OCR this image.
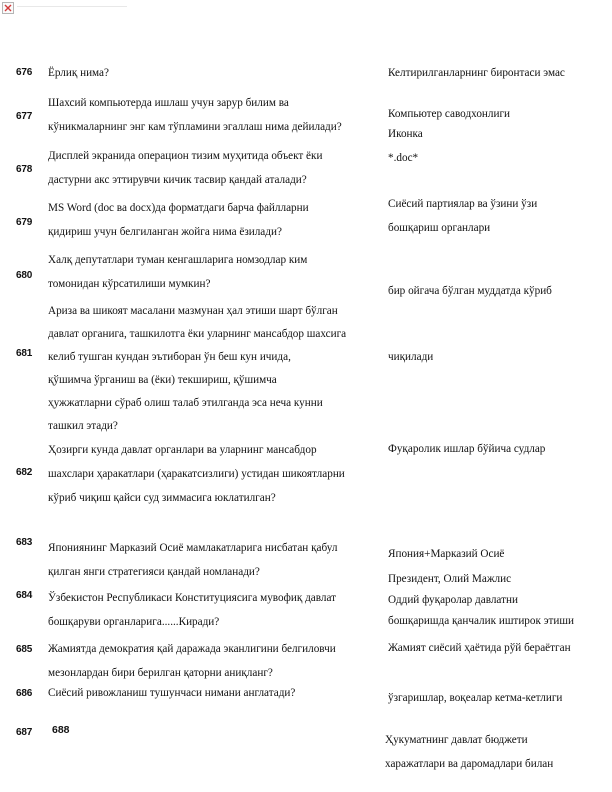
676 Ёрлиқ нима?	Келтирилганларнинг биронтаси эмас
677
Шахсий компьютерда ишлаш учун зарур билим ва
кўникмаларнинг энг кам тўпламини эгаллаш нима дейилади?
Компьютер саводхонлиги
Иконка
678
Дисплей экранида операцион тизим муҳитида объект ёки
дастурни акс эттирувчи кичик тасвир қандай аталади?
*.doc*
679
MS Word (doc ва docx)да форматдаги барча файлларни
қидириш учун белгиланган жойга нима ёзилади?
Сиёсий партиялар ва ўзини ўзи
бошқариш органлари
680
Халқ депутатлари туман кенгашларига номзодлар ким
томонидан кўрсатилиши мумкин?
бир ойгача бўлган муддатда кўриб
681
Ариза ва шикоят масалани мазмунан ҳал этиши шарт бўлган
давлат органига, ташкилотга ёки уларнинг мансабдор шахсига
келиб тушган кундан эътиборан ўн беш кун ичида,
қўшимча ўрганиш ва (ёки) текшириш, қўшимча
ҳужжатларни сўраб олиш талаб этилганда эса неча кунни
ташкил этади?
чиқилади
682
Ҳозирги кунда давлат органлари ва уларнинг мансабдор
шахслари ҳаракатлари (ҳаракатсизлиги) устидан шикоятларни
кўриб чиқиш қайси суд зиммасига юклатилган?
Фуқаролик ишлар бўйича судлар
683 Япониянинг Марказий Осиё мамлакатларига нисбатан қабул
қилган янги стратегияси қандай номланади?
Япония+Марказий Осиё
684 Ўзбекистон Республикаси Конституциясига мувофиқ давлат
бошқаруви органларига......Киради?
Президент, Олий Мажлис
Оддий фуқаролар давлатни
бошқаришда қанчалик иштирок этиши
685 Жамиятда демократия қай даражада эканлигини белгиловчи
мезонлардан бири берилган қаторни аниқланг?
Жамият сиёсий ҳаётида рўй бераётган
686 Сиёсий ривожланиш тушунчаси нимани англатади?	ўзгаришлар, воқеалар кетма-кетлиги
687 688
Ҳукуматнинг давлат бюджети
харажатлари ва даромадлари билан
